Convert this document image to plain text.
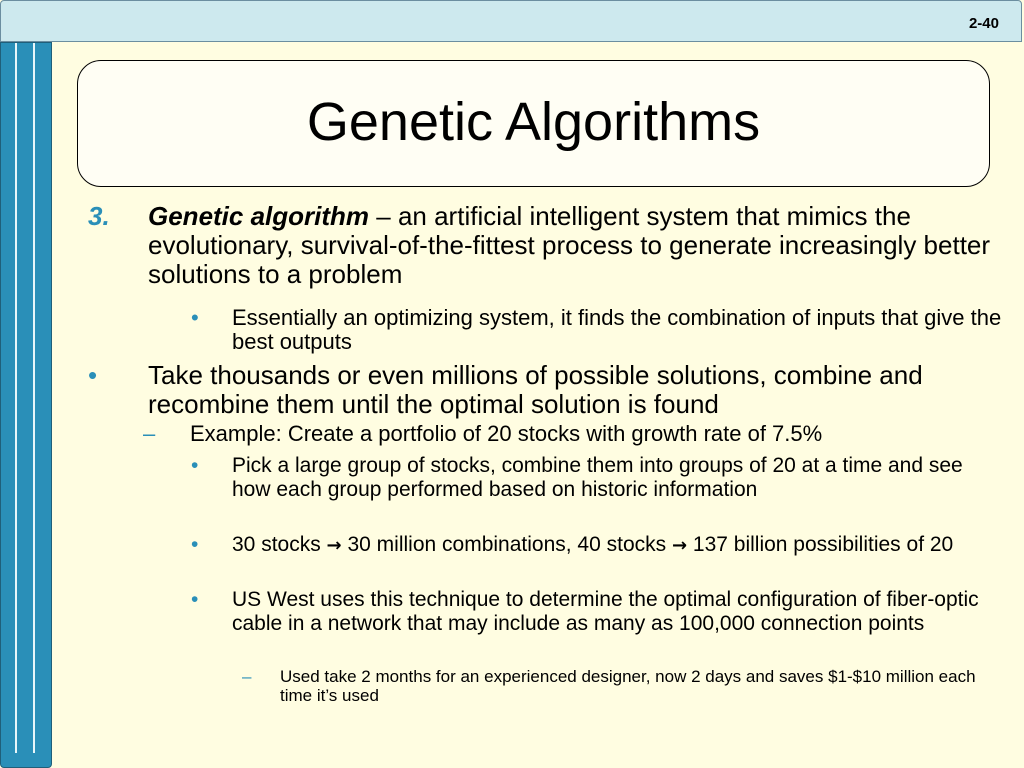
2-40
Genetic Algorithms
3. Genetic algorithm – an artificial intelligent system that mimics the evolutionary, survival-of-the-fittest process to generate increasingly better solutions to a problem
• Essentially an optimizing system, it finds the combination of inputs that give the best outputs
• Take thousands or even millions of possible solutions, combine and recombine them until the optimal solution is found
– Example: Create a portfolio of 20 stocks with growth rate of 7.5%
• Pick a large group of stocks, combine them into groups of 20 at a time and see how each group performed based on historic information
• 30 stocks → 30 million combinations, 40 stocks → 137 billion possibilities of 20
• US West uses this technique to determine the optimal configuration of fiber-optic cable in a network that may include as many as 100,000 connection points
– Used take 2 months for an experienced designer, now 2 days and saves $1-$10 million each time it’s used
